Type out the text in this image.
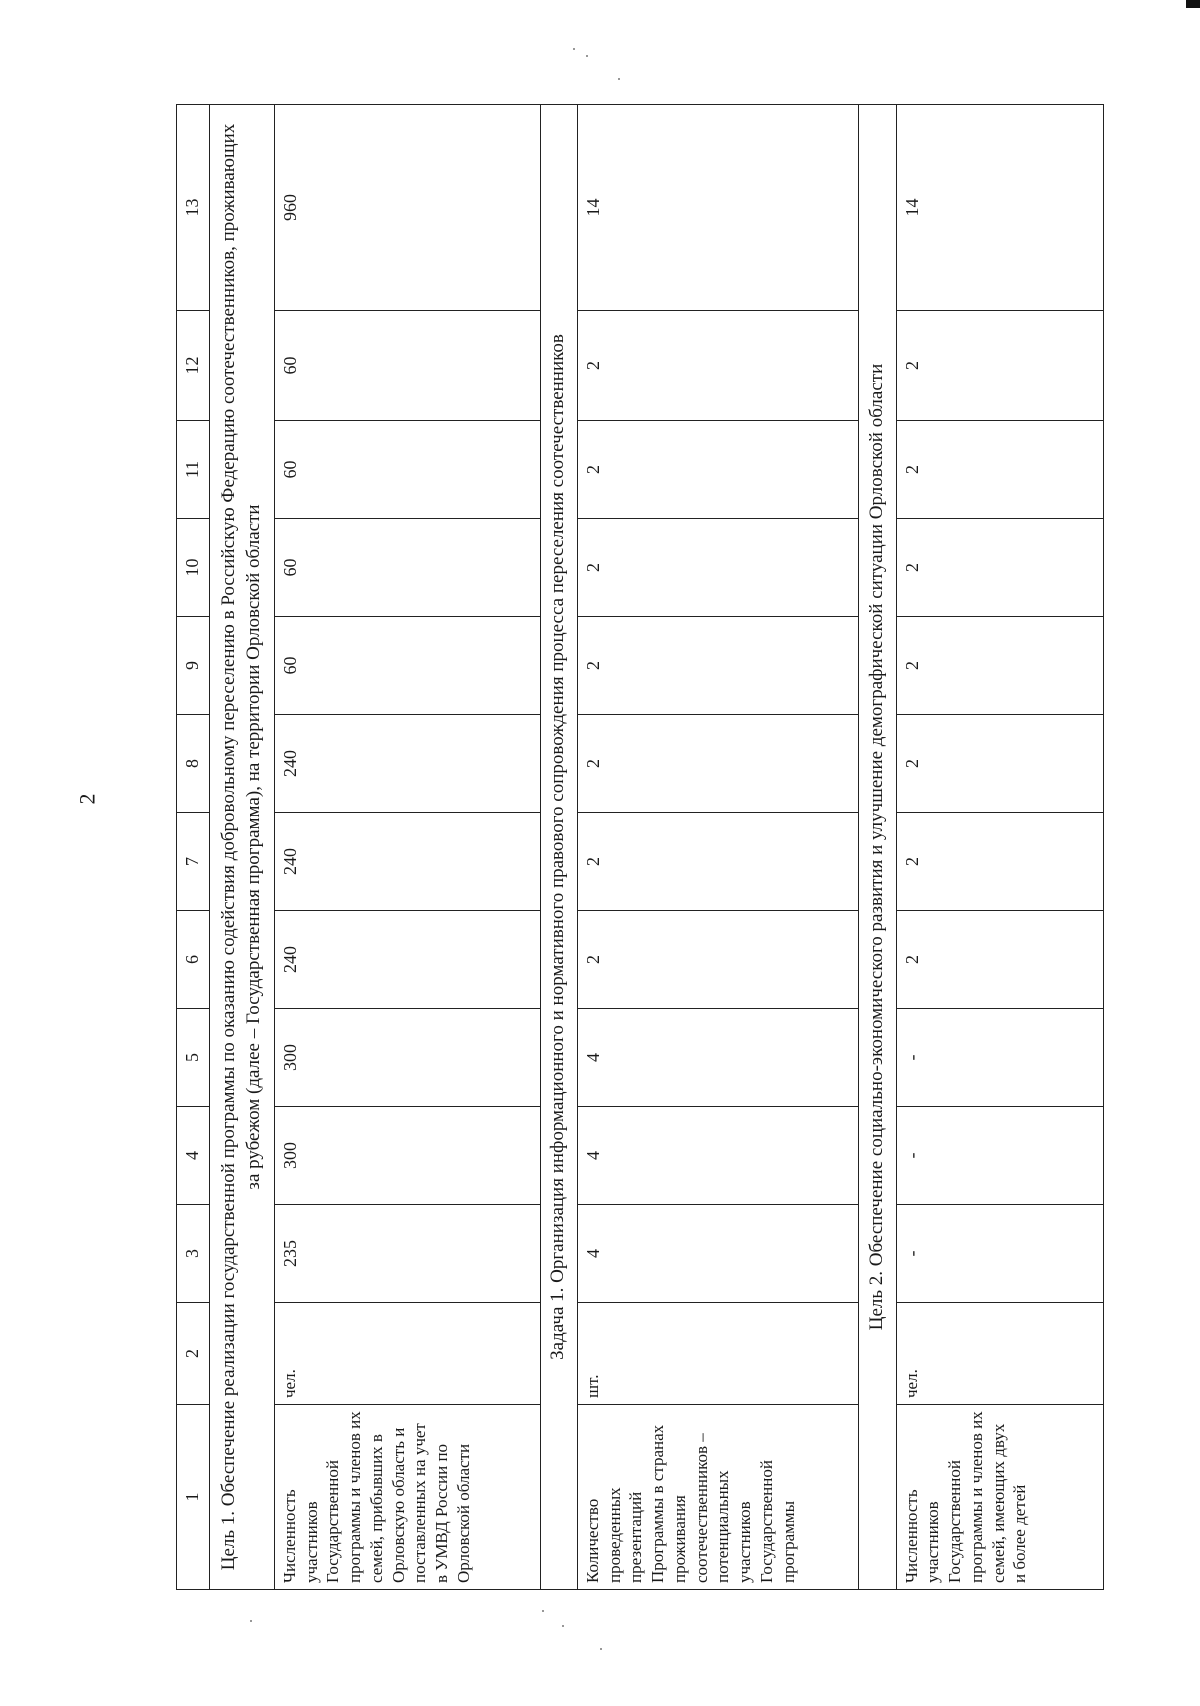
2
1	2	3	4	5	6	7	8	9	10	11	12	13
Цель 1. Обеспечение реализации государственной программы по оказанию содействия добровольному переселению в Российскую Федерацию соотечественников, проживающих за рубежом (далее – Государственная программа), на территории Орловской области												
Численность участников Государственной программы и членов их семей, прибывших в Орловскую область и поставленных на учет в УМВД России по Орловской области	чел.	235	300	300	240	240	240	60	60	60	60	960
Задача 1. Организация информационного и нормативного правового сопровождения процесса переселения соотечественников												
Количество проведенных презентаций Программы в странах проживания соотечественников – потенциальных участников Государственной программы	шт.	4	4	4	2	2	2	2	2	2	2	14
Цель 2. Обеспечение социально-экономического развития и улучшение демографической ситуации Орловской области												
Численность участников Государственной программы и членов их семей, имеющих двух и более детей	чел.	-	-	-	2	2	2	2	2	2	2	14
